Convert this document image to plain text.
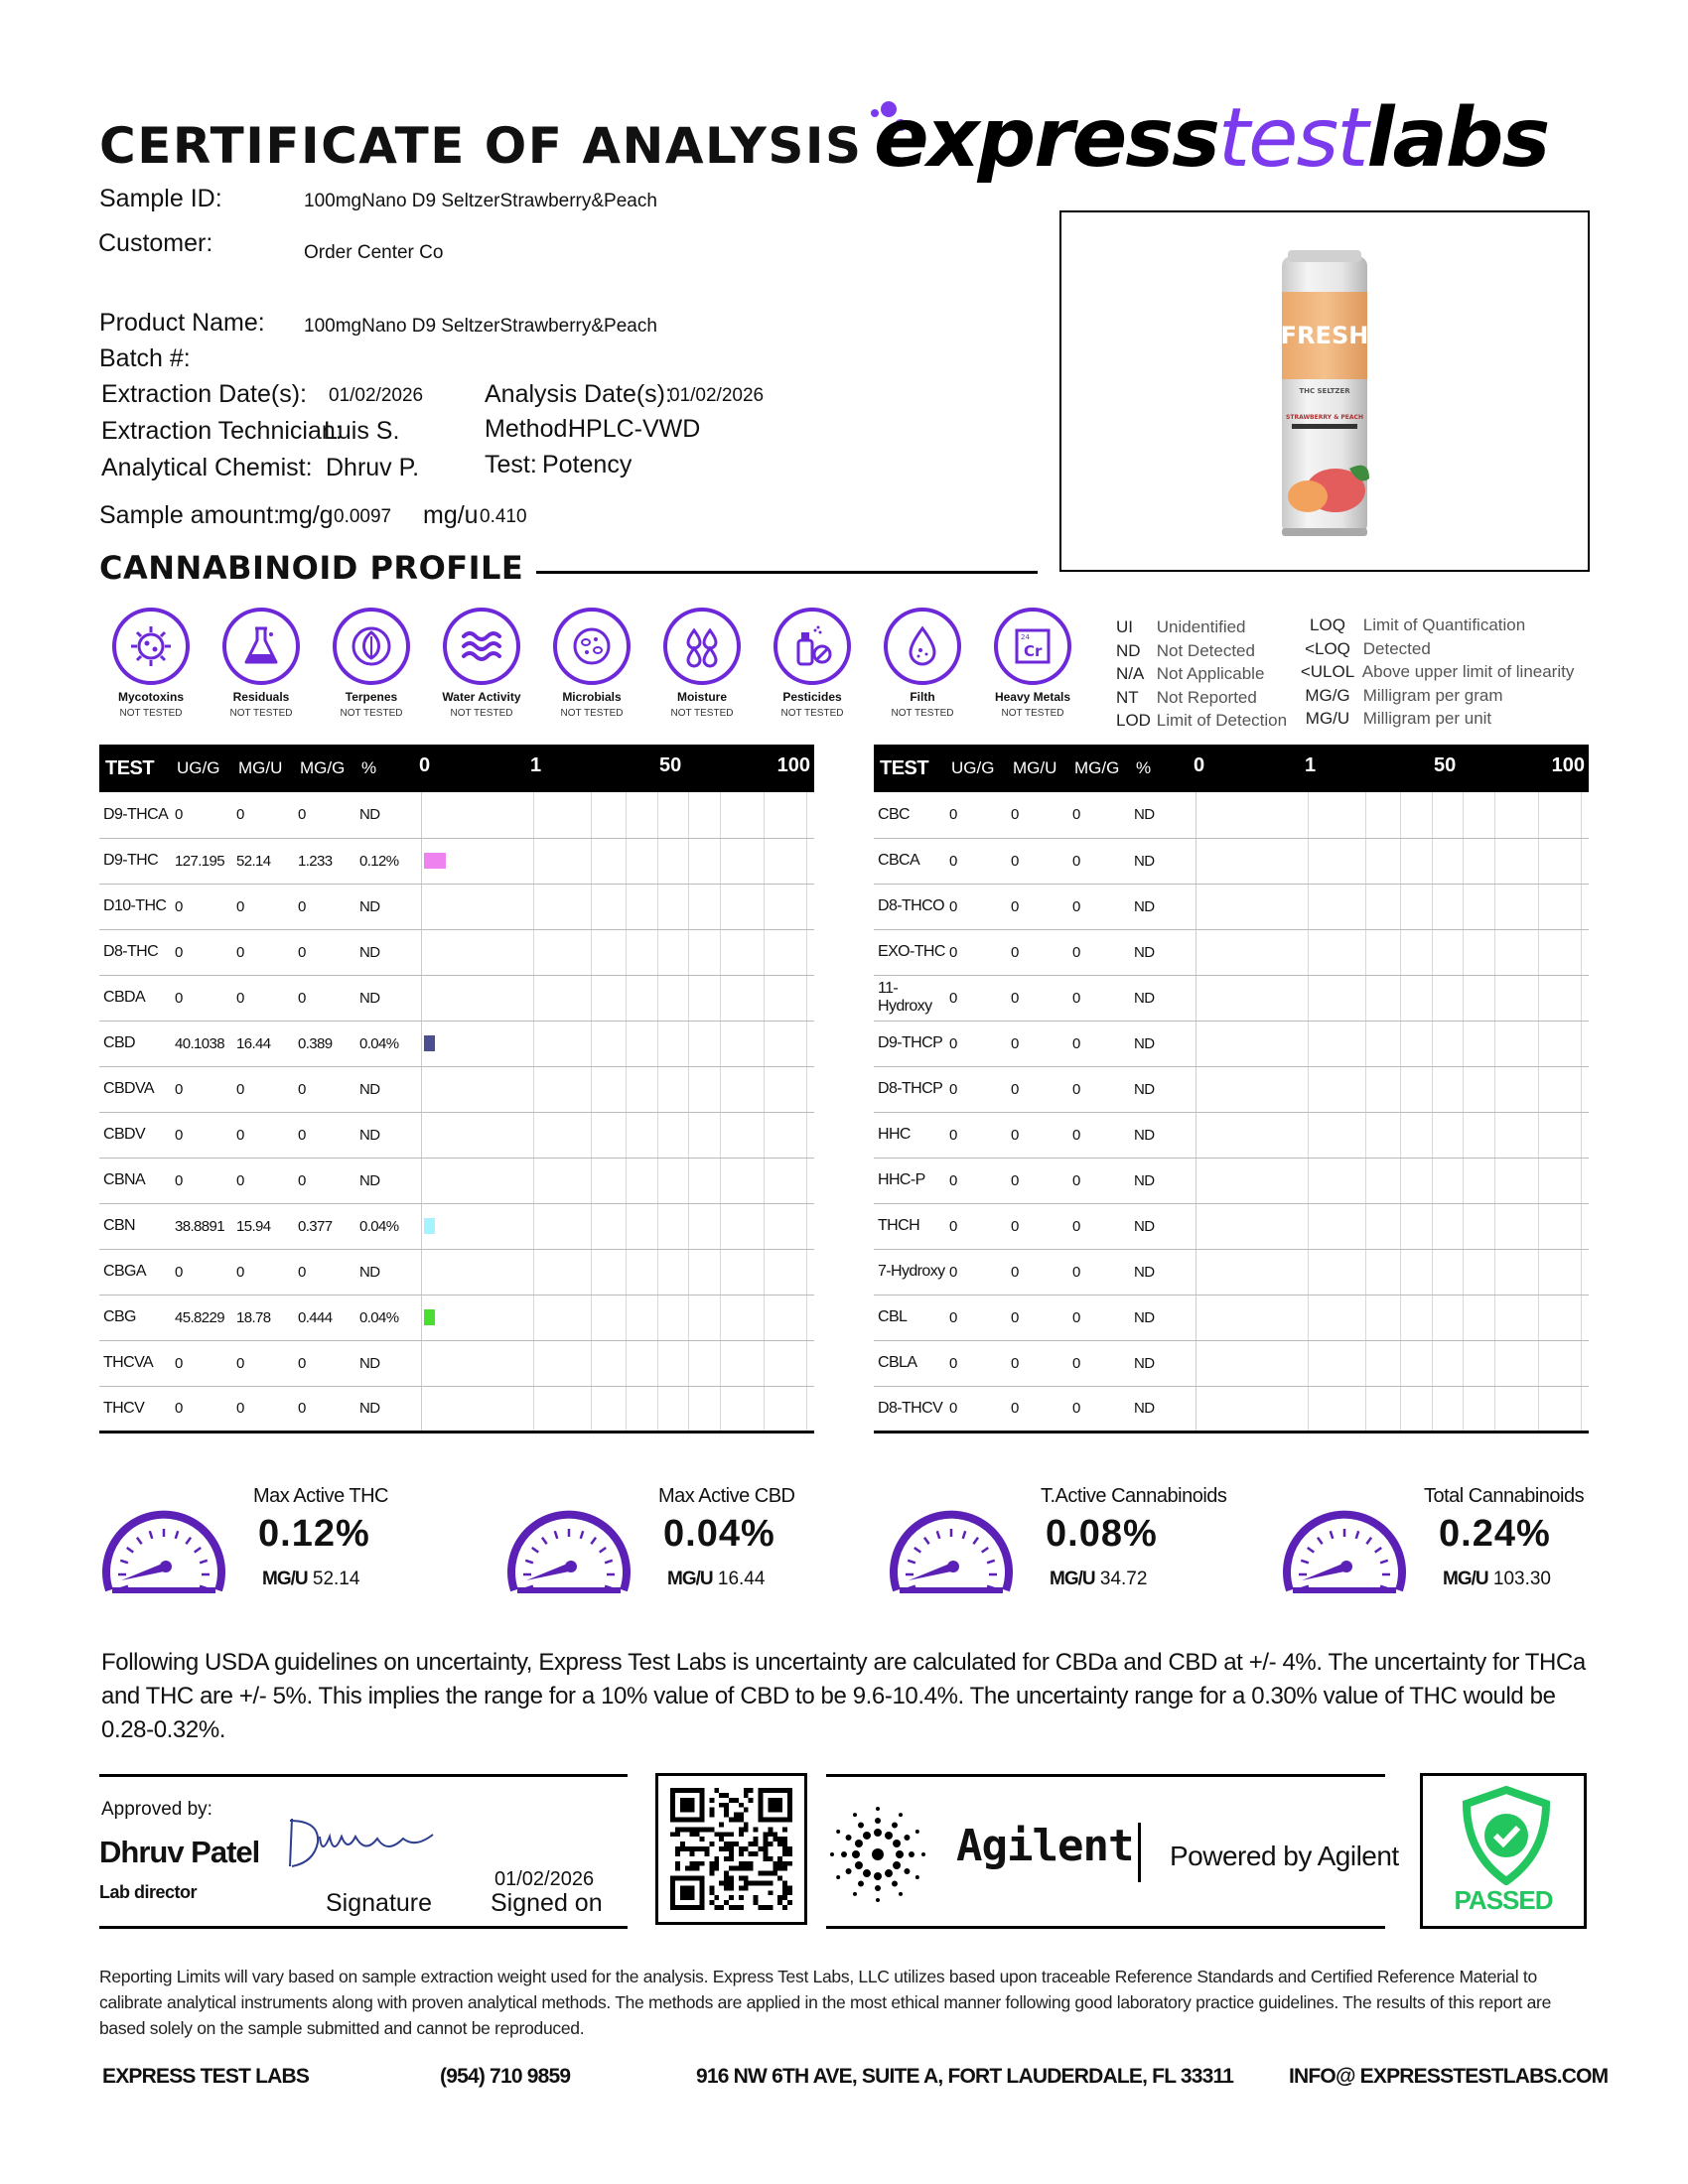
CERTIFICATE OF ANALYSIS expresstestlabs
Sample ID:	100mgNano D9 SeltzerStrawberry&Peach
Customer:	Order Center Co
Product Name: 100mgNano D9 SeltzerStrawberry&Peach
Batch #:
Extraction Date(s): 01/02/2026 Analysis Date(s):
01/02/2026
Extraction Technician:
Luis S.	Method:
HPLC-VWD
Analytical Chemist: Dhruv P.	Test: Potency
Sample amount:
mg/g 0.0097 mg/u 0.410
FRESH
THC SELTZER
STRAWBERRY & PEACH
CANNABINOID PROFILE
Mycotoxins
NOT TESTED
Residuals
NOT TESTED
Terpenes
NOT TESTED
Water Activity
NOT TESTED
Microbials
NOT TESTED
Moisture
NOT TESTED
Pesticides
NOT TESTED
Filth
NOT TESTED
24
Cr
Heavy Metals
NOT TESTED
UI Unidentified
ND Not Detected
N/A Not Applicable
NT Not Reported
LOD Limit of Detection
LOQ Limit of Quantification
<LOQ Detected
<ULOL Above upper limit of linearity
MG/G Milligram per gram
MG/U Milligram per unit
TEST	UG/G	MG/U	MG/G	%	0 1 50 100

D9-THCA	0	0	0	ND	

D9-THC	127.195	52.14	1.233	0.12%	

D10-THC	0	0	0	ND	

D8-THC	0	0	0	ND	

CBDA	0	0	0	ND	

CBD	40.1038	16.44	0.389	0.04%	

CBDVA	0	0	0	ND	

CBDV	0	0	0	ND	

CBNA	0	0	0	ND	

CBN	38.8891	15.94	0.377	0.04%	

CBGA	0	0	0	ND	

CBG	45.8229	18.78	0.444	0.04%	

THCVA	0	0	0	ND	

THCV	0	0	0	ND	
TEST	UG/G	MG/U	MG/G	%	0 1 50 100

CBC	0	0	0	ND	

CBCA	0	0	0	ND	

D8-THCO	0	0	0	ND	

EXO-THC	0	0	0	ND	

11-Hydroxy	0	0	0	ND	

D9-THCP	0	0	0	ND	

D8-THCP	0	0	0	ND	

HHC	0	0	0	ND	

HHC-P	0	0	0	ND	

THCH	0	0	0	ND	

7-Hydroxy	0	0	0	ND	

CBL	0	0	0	ND	

CBLA	0	0	0	ND	

D8-THCV	0	0	0	ND	
Max Active THC
0.12%
MG/U 52.14
Max Active CBD
0.04%
MG/U 16.44
T.Active Cannabinoids
0.08%
MG/U 34.72
Total Cannabinoids
0.24%
MG/U 103.30
Following USDA guidelines on uncertainty, Express Test Labs is uncertainty are calculated for CBDa and CBD at +/- 4%. The uncertainty for THCa and THC are +/- 5%. This implies the range for a 10% value of CBD to be 9.6-10.4%. The uncertainty range for a 0.30% value of THC would be 0.28-0.32%.
Approved by:
Dhruv Patel
Lab director	Signature
01/02/2026
Signed on
Agilent Powered by Agilent
PASSED
Reporting Limits will vary based on sample extraction weight used for the analysis. Express Test Labs, LLC utilizes based upon traceable Reference Standards and Certified Reference Material to calibrate analytical instruments along with proven analytical methods. The methods are applied in the most ethical manner following good laboratory practice guidelines. The results of this report are based solely on the sample submitted and cannot be reproduced.
EXPRESS TEST LABS	(954) 710 9859	916 NW 6TH AVE, SUITE A, FORT LAUDERDALE, FL 33311	INFO@ EXPRESSTESTLABS.COM
